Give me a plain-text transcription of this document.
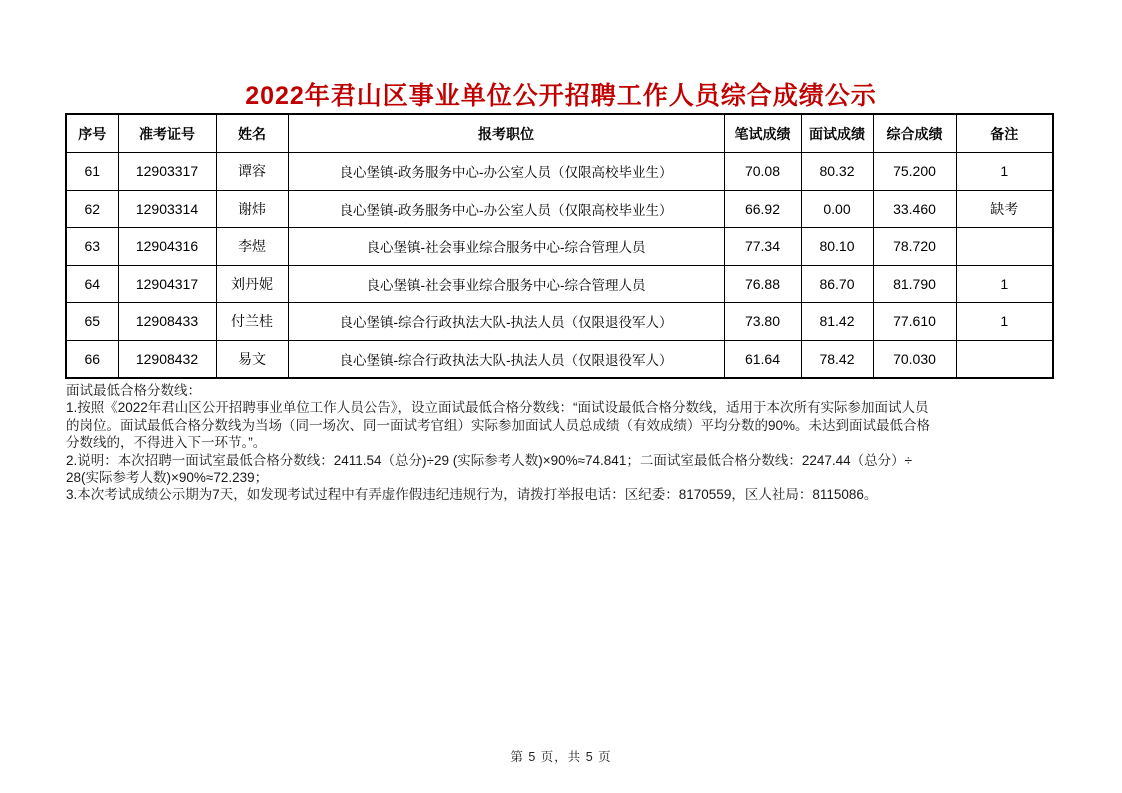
2022年君山区事业单位公开招聘工作人员综合成绩公示
序号	准考证号	姓名	报考职位	笔试成绩	面试成绩	综合成绩	备注
61	12903317	谭容	良心堡镇-政务服务中心-办公室人员（仅限高校毕业生）	70.08	80.32	75.200	1
62	12903314	谢炜	良心堡镇-政务服务中心-办公室人员（仅限高校毕业生）	66.92	0.00	33.460	缺考
63	12904316	李煜	良心堡镇-社会事业综合服务中心-综合管理人员	77.34	80.10	78.720	
64	12904317	刘丹妮	良心堡镇-社会事业综合服务中心-综合管理人员	76.88	86.70	81.790	1
65	12908433	付兰桂	良心堡镇-综合行政执法大队-执法人员（仅限退役军人）	73.80	81.42	77.610	1
66	12908432	易文	良心堡镇-综合行政执法大队-执法人员（仅限退役军人）	61.64	78.42	70.030	
面试最低合格分数线：
1.按照《2022年君山区公开招聘事业单位工作人员公告》，设立面试最低合格分数线：“面试设最低合格分数线，适用于本次所有实际参加面试人员
的岗位。面试最低合格分数线为当场（同一场次、同一面试考官组）实际参加面试人员总成绩（有效成绩）平均分数的90%。未达到面试最低合格
分数线的，不得进入下一环节。”。
2.说明：本次招聘一面试室最低合格分数线：2411.54（总分)÷29 (实际参考人数)×90%≈74.841；二面试室最低合格分数线：2247.44（总分）÷
28(实际参考人数)×90%≈72.239；
3.本次考试成绩公示期为7天，如发现考试过程中有弄虚作假违纪违规行为，请拨打举报电话：区纪委：8170559，区人社局：8115086。
第 5 页，共 5 页
